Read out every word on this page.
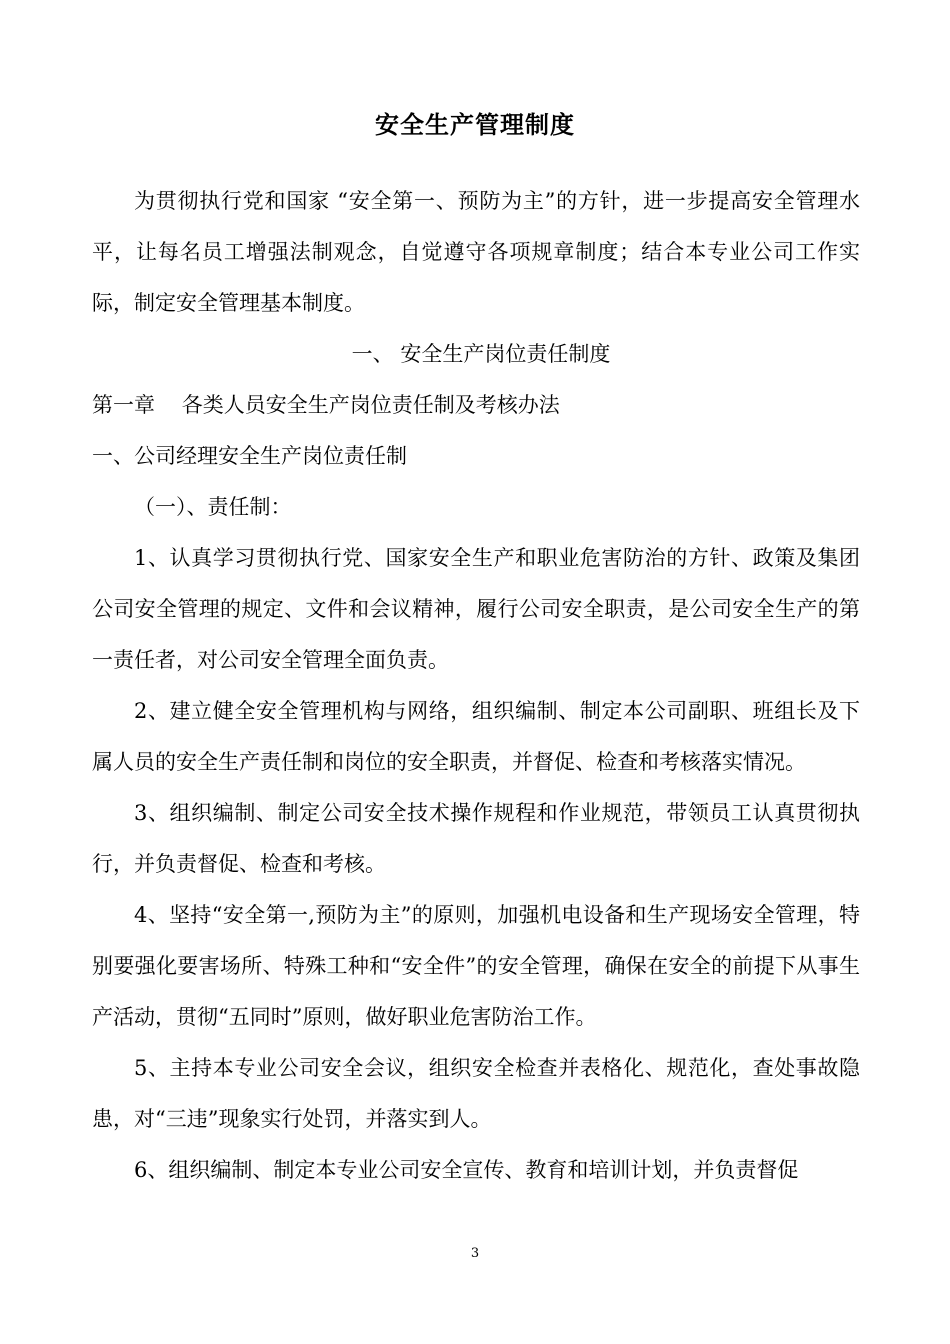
安全生产管理制度

为贯彻执行党和国家 “安全第一、预防为主”的方针，进一步提高安全管理水平，让每名员工增强法制观念，自觉遵守各项规章制度；结合本专业公司工作实际，制定安全管理基本制度。

一、 安全生产岗位责任制度

第一章    各类人员安全生产岗位责任制及考核办法

一、公司经理安全生产岗位责任制

（一）、责任制：

1、认真学习贯彻执行党、国家安全生产和职业危害防治的方针、政策及集团公司安全管理的规定、文件和会议精神，履行公司安全职责，是公司安全生产的第一责任者，对公司安全管理全面负责。

2、建立健全安全管理机构与网络，组织编制、制定本公司副职、班组长及下属人员的安全生产责任制和岗位的安全职责，并督促、检查和考核落实情况。

3、组织编制、制定公司安全技术操作规程和作业规范，带领员工认真贯彻执行，并负责督促、检查和考核。

4、坚持“安全第一,预防为主”的原则，加强机电设备和生产现场安全管理，特别要强化要害场所、特殊工种和“安全件”的安全管理，确保在安全的前提下从事生产活动，贯彻“五同时”原则，做好职业危害防治工作。

5、主持本专业公司安全会议，组织安全检查并表格化、规范化，查处事故隐患，对“三违”现象实行处罚，并落实到人。

6、组织编制、制定本专业公司安全宣传、教育和培训计划，并负责督促

3
